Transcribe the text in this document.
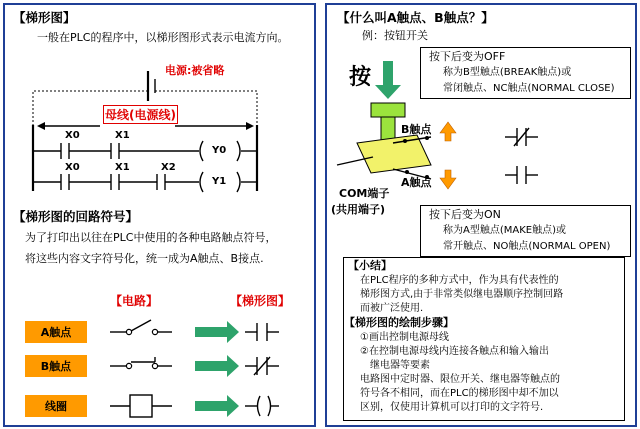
【梯形图】
一般在PLC的程序中，以梯形图形式表示电流方向。
电源:被省略
母线(电源线)
X0	X1
Y0
X0	X1	X2
Y1
【梯形图的回路符号】
为了打印出以往在PLC中使用的各种电路触点符号，
将这些内容文字符号化，统一成为A触点、B接点.
【电路】	【梯形图】
A触点
B触点
线圈
【什么叫A触点、B触点？】
例：按钮开关
按下后变为OFF
称为B型触点(BREAK触点)或
常闭触点、NC触点(NORMAL CLOSE)
按
B触点
A触点
COM端子
(共用端子)	按下后变为ON
称为A型触点(MAKE触点)或
常开触点、NO触点(NORMAL OPEN)
【小结】
在PLC程序的多种方式中，作为具有代表性的
梯形图方式,由于非常类似继电器顺序控制回路
而被广泛使用.
【梯形图的绘制步骤】
①画出控制电源母线
②在控制电源母线内连接各触点和输入输出
　继电器等要素
电路图中定时器、限位开关、继电器等触点的
符号各不相同，而在PLC的梯形图中却不加以
区别，仅使用计算机可以打印的文字符号.
